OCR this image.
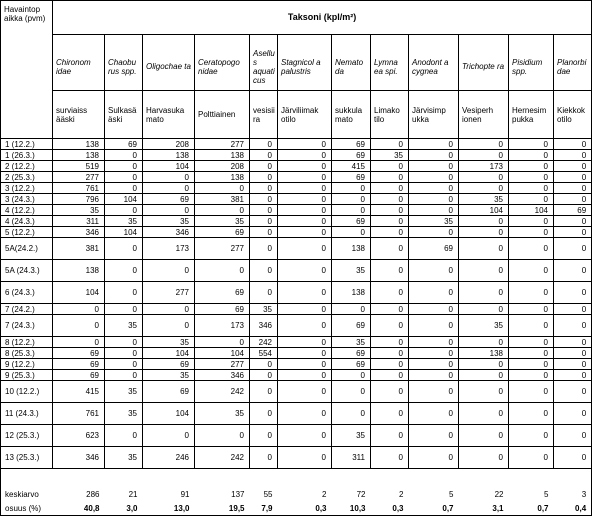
Havaintop aikka (pvm)	Taksoni (kpl/m²)											
	Chironom idae	Chaobu rus spp.	Oligochae ta	Ceratopogo nidae	Asellu s aquati cus	Stagnicol a palustris	Nemato da	Lymna ea spi.	Anodont a cygnea	Trichopte ra	Pisidium spp.	Planorbi dae
	surviaiss ääski	Sulkasä äski	Harvasuka mato	Polttiainen	vesisii ra	Järviliimak otilo	sukkula mato	Limako tilo	Järvisimp ukka	Vesiperh ionen	Hernesim pukka	Kiekkok otilo
1 (12.2.)	138	69	208	277	0	0	69	0	0	0	0	0
1 (26.3.)	138	0	138	138	0	0	69	35	0	0	0	0
2 (12.2.)	519	0	104	208	0	0	415	0	0	173	0	0
2 (25.3.)	277	0	0	138	0	0	69	0	0	0	0	0
3 (12.2.)	761	0	0	0	0	0	0	0	0	0	0	0
3 (24.3.)	796	104	69	381	0	0	0	0	0	35	0	0
4 (12.2.)	35	0	0	0	0	0	0	0	0	104	104	69
4 (24.3.)	311	35	35	35	0	0	69	0	35	0	0	0
5 (12.2.)	346	104	346	69	0	0	0	0	0	0	0	0
5A(24.2.)	381	0	173	277	0	0	138	0	69	0	0	0
5A (24.3.)	138	0	0	0	0	0	35	0	0	0	0	0
6 (24.3.)	104	0	277	69	0	0	138	0	0	0	0	0
7 (24.2.)	0	0	0	69	35	0	0	0	0	0	0	0
7 (24.3.)	0	35	0	173	346	0	69	0	0	35	0	0
8 (12.2.)	0	0	35	0	242	0	35	0	0	0	0	0
8 (25.3.)	69	0	104	104	554	0	69	0	0	138	0	0
9 (12.2.)	69	0	69	277	0	0	69	0	0	0	0	0
9 (25.3.)	69	0	35	346	0	0	0	0	0	0	0	0
10 (12.2.)	415	35	69	242	0	0	0	0	0	0	0	0
11 (24.3.)	761	35	104	35	0	0	0	0	0	0	0	0
12 (25.3.)	623	0	0	0	0	0	35	0	0	0	0	0
13 (25.3.)	346	35	246	242	0	0	311	0	0	0	0	0
keskiarvo	286	21	91	137	55	2	72	2	5	22	5	3
osuus (%)	40,8	3,0	13,0	19,5	7,9	0,3	10,3	0,3	0,7	3,1	0,7	0,4
